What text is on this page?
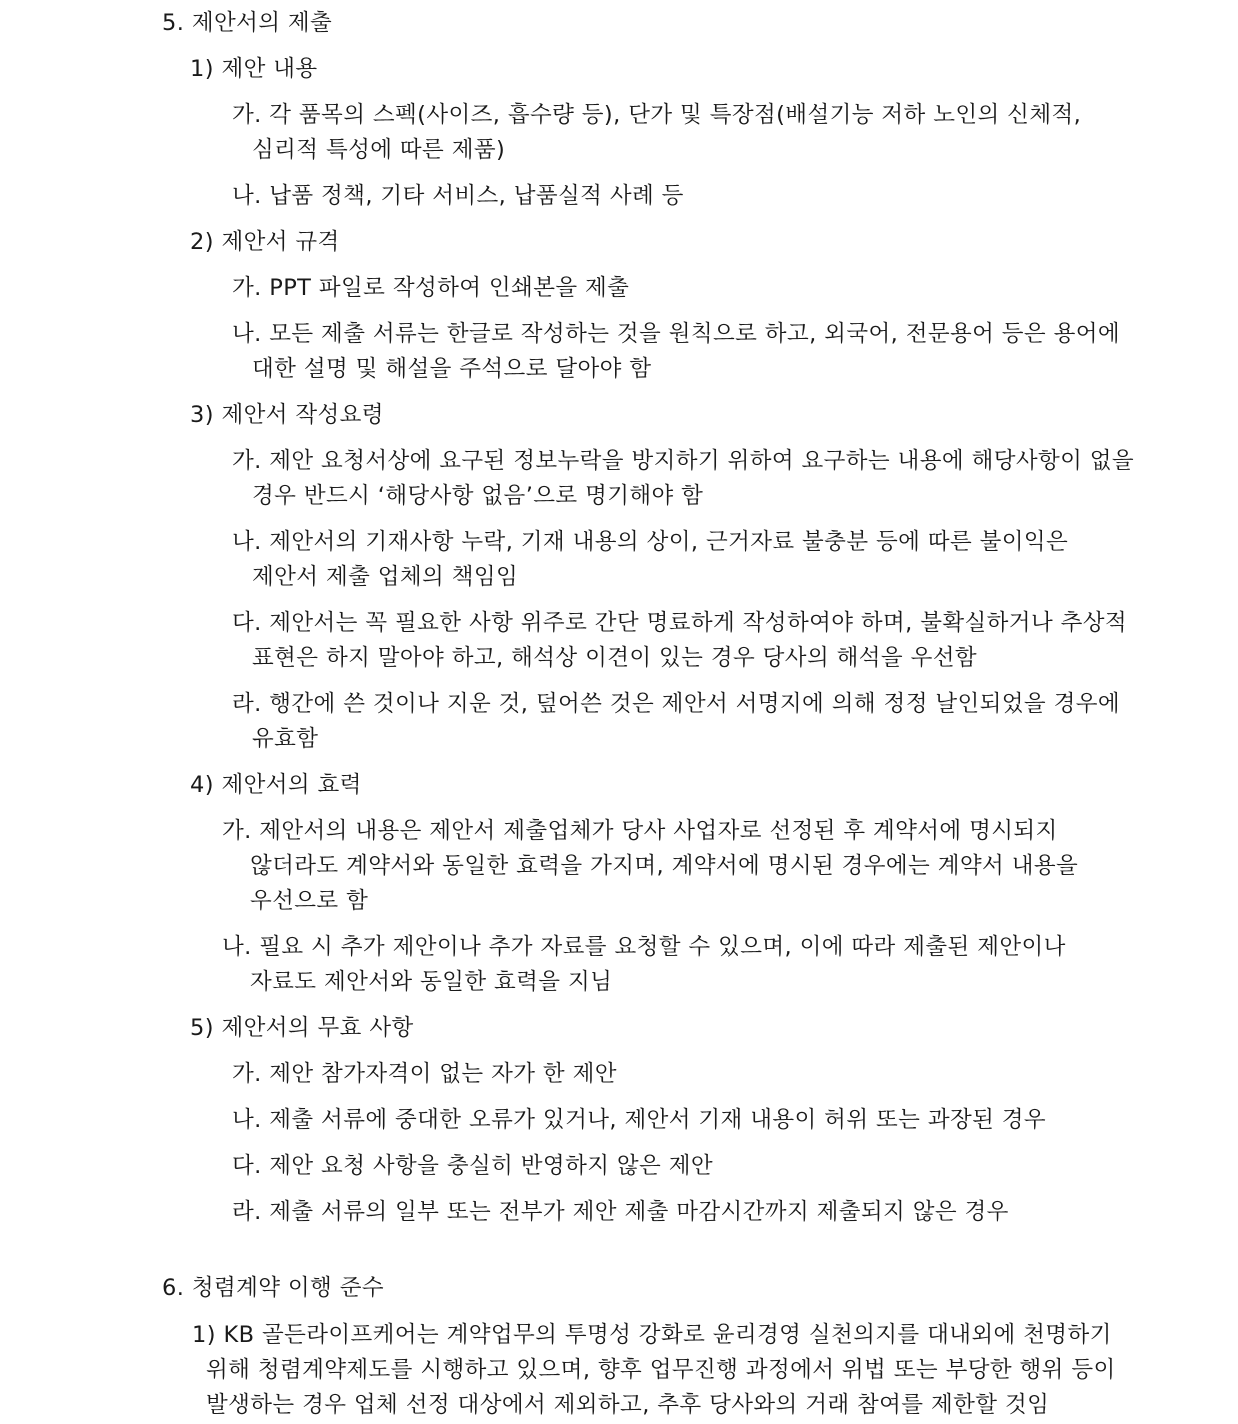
5. 제안서의 제출
1) 제안 내용
가. 각 품목의 스펙(사이즈, 흡수량 등), 단가 및 특장점(배설기능 저하 노인의 신체적,
심리적 특성에 따른 제품)
나. 납품 정책, 기타 서비스, 납품실적 사례 등
2) 제안서 규격
가. PPT 파일로 작성하여 인쇄본을 제출
나. 모든 제출 서류는 한글로 작성하는 것을 원칙으로 하고, 외국어, 전문용어 등은 용어에
대한 설명 및 해설을 주석으로 달아야 함
3) 제안서 작성요령
가. 제안 요청서상에 요구된 정보누락을 방지하기 위하여 요구하는 내용에 해당사항이 없을
경우 반드시 ‘해당사항 없음’으로 명기해야 함
나. 제안서의 기재사항 누락, 기재 내용의 상이, 근거자료 불충분 등에 따른 불이익은
제안서 제출 업체의 책임임
다. 제안서는 꼭 필요한 사항 위주로 간단 명료하게 작성하여야 하며, 불확실하거나 추상적
표현은 하지 말아야 하고, 해석상 이견이 있는 경우 당사의 해석을 우선함
라. 행간에 쓴 것이나 지운 것, 덮어쓴 것은 제안서 서명지에 의해 정정 날인되었을 경우에
유효함
4) 제안서의 효력
가. 제안서의 내용은 제안서 제출업체가 당사 사업자로 선정된 후 계약서에 명시되지
않더라도 계약서와 동일한 효력을 가지며, 계약서에 명시된 경우에는 계약서 내용을
우선으로 함
나. 필요 시 추가 제안이나 추가 자료를 요청할 수 있으며, 이에 따라 제출된 제안이나
자료도 제안서와 동일한 효력을 지님
5) 제안서의 무효 사항
가. 제안 참가자격이 없는 자가 한 제안
나. 제출 서류에 중대한 오류가 있거나, 제안서 기재 내용이 허위 또는 과장된 경우
다. 제안 요청 사항을 충실히 반영하지 않은 제안
라. 제출 서류의 일부 또는 전부가 제안 제출 마감시간까지 제출되지 않은 경우
6. 청렴계약 이행 준수
1) KB 골든라이프케어는 계약업무의 투명성 강화로 윤리경영 실천의지를 대내외에 천명하기
위해 청렴계약제도를 시행하고 있으며, 향후 업무진행 과정에서 위법 또는 부당한 행위 등이
발생하는 경우 업체 선정 대상에서 제외하고, 추후 당사와의 거래 참여를 제한할 것임
